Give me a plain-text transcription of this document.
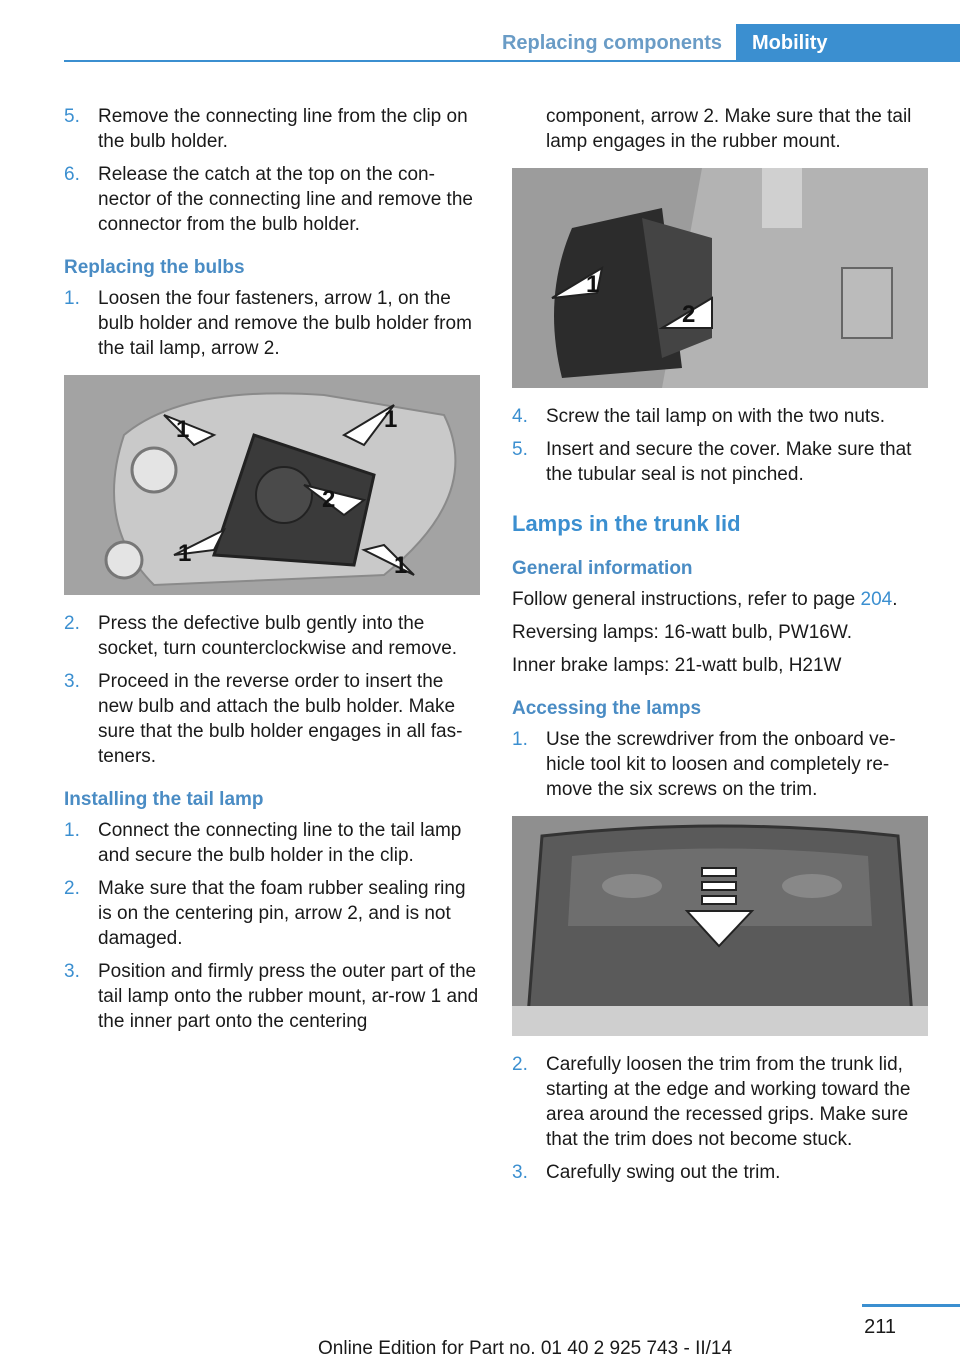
Replacing components	Mobility
5. Remove the connecting line from the clip on the bulb holder.
6. Release the catch at the top on the con‐nector of the connecting line and remove the connector from the bulb holder.
Replacing the bulbs
1. Loosen the four fasteners, arrow 1, on the bulb holder and remove the bulb holder from the tail lamp, arrow 2.
1	1
2
1	1
2. Press the defective bulb gently into the socket, turn counterclockwise and remove.
3. Proceed in the reverse order to insert the new bulb and attach the bulb holder. Make sure that the bulb holder engages in all fas‐teners.
Installing the tail lamp
1. Connect the connecting line to the tail lamp and secure the bulb holder in the clip.
2. Make sure that the foam rubber sealing ring is on the centering pin, arrow 2, and is not damaged.
3. Position and firmly press the outer part of the tail lamp onto the rubber mount, ar‐row 1 and the inner part onto the centering
component, arrow 2. Make sure that the tail lamp engages in the rubber mount.
1
2
4. Screw the tail lamp on with the two nuts.
5. Insert and secure the cover. Make sure that the tubular seal is not pinched.
Lamps in the trunk lid
General information
Follow general instructions, refer to page 204.
Reversing lamps: 16-watt bulb, PW16W.
Inner brake lamps: 21-watt bulb, H21W
Accessing the lamps
1. Use the screwdriver from the onboard ve‐hicle tool kit to loosen and completely re‐move the six screws on the trim.
2. Carefully loosen the trim from the trunk lid, starting at the edge and working toward the area around the recessed grips. Make sure that the trim does not become stuck.
3. Carefully swing out the trim.
211
Online Edition for Part no. 01 40 2 925 743 - II/14
